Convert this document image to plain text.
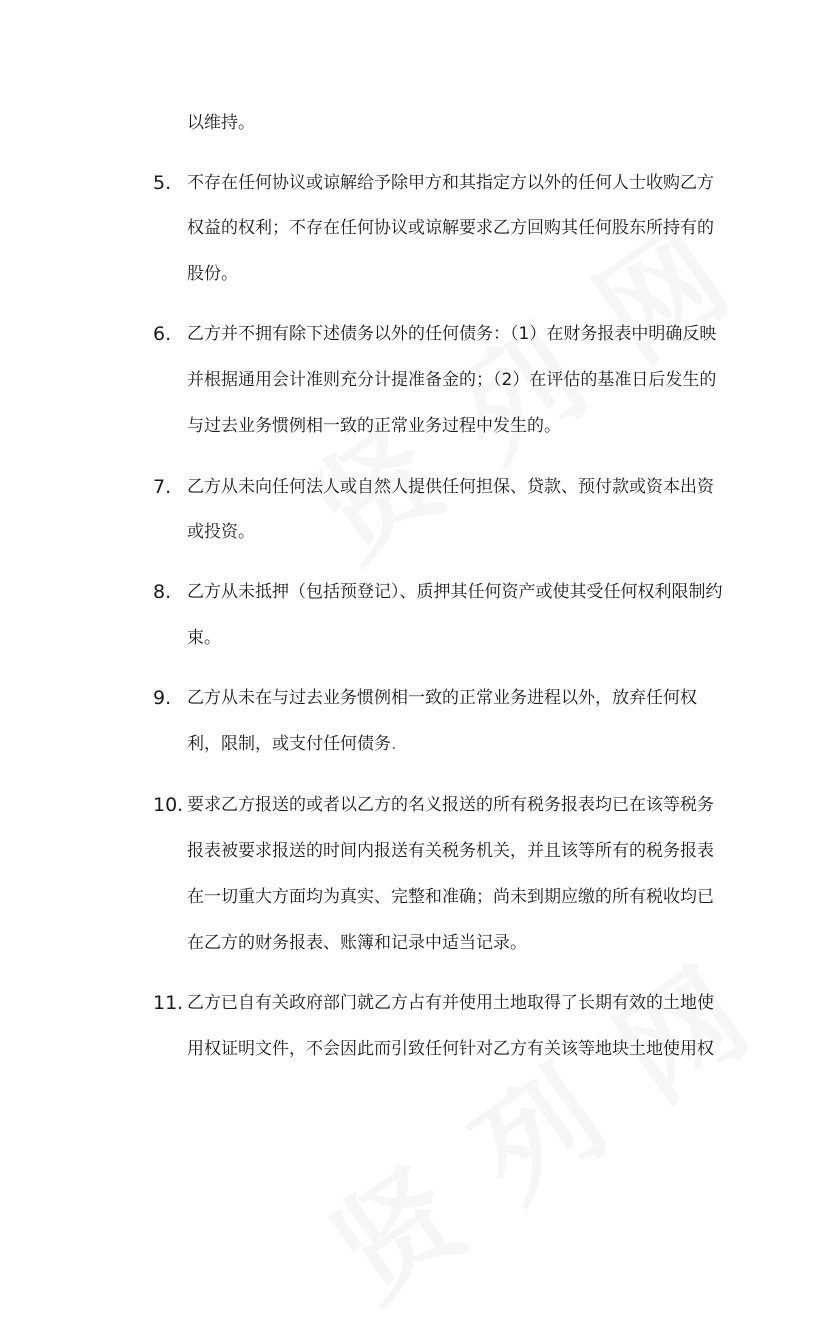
以维持。
5. 不存在任何协议或谅解给予除甲方和其指定方以外的任何人士收购乙方
权益的权利；不存在任何协议或谅解要求乙方回购其任何股东所持有的
股份。
6. 乙方并不拥有除下述债务以外的任何债务：（1）在财务报表中明确反映
并根据通用会计准则充分计提准备金的；（2）在评估的基准日后发生的
与过去业务惯例相一致的正常业务过程中发生的。
7. 乙方从未向任何法人或自然人提供任何担保、贷款、预付款或资本出资
或投资。
8. 乙方从未抵押（包括预登记）、质押其任何资产或使其受任何权利限制约
束。
9. 乙方从未在与过去业务惯例相一致的正常业务进程以外，放弃任何权
利，限制，或支付任何债务.
10. 要求乙方报送的或者以乙方的名义报送的所有税务报表均已在该等税务
报表被要求报送的时间内报送有关税务机关，并且该等所有的税务报表
在一切重大方面均为真实、完整和准确；尚未到期应缴的所有税收均已
在乙方的财务报表、账簿和记录中适当记录。
11. 乙方已自有关政府部门就乙方占有并使用土地取得了长期有效的土地使
用权证明文件，不会因此而引致任何针对乙方有关该等地块土地使用权
